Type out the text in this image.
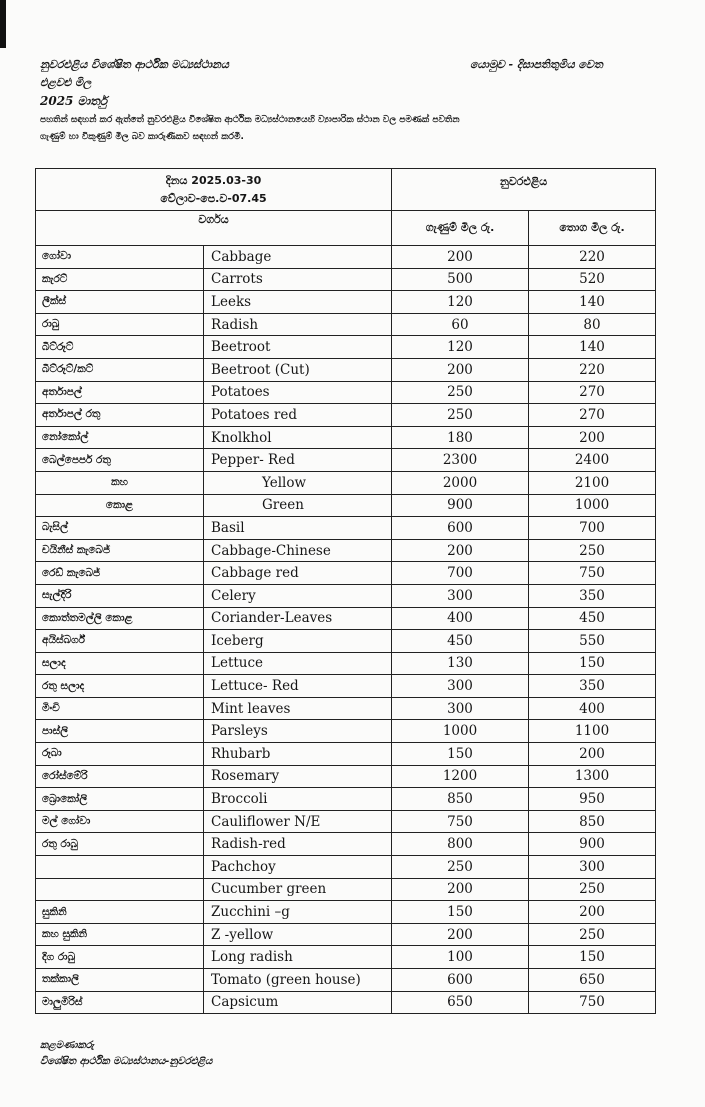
නුවරඑළිය විශේෂිත ආර්ථික මධ්‍යස්ථානය	යොමුව - දිසාපතිතුමිය වෙත
එළවළු මිල
2025 මාර්තු
පහතින් සඳහන් කර ඇත්තේ නුවරඑළිය විශේෂිත ආර්ථික මධ්‍යස්ථානයෙහි ව්‍යාපාරික ස්ථාන වල පමණක් පවතින
ගැණුම් හා විකුණුම් මිල බව කාරුණිකව සඳහන් කරමි.
දිනය 2025.03-30
වේලාව-පෙ.ව-07.45		නුවරඑළිය	
වර්ගය		ගැණුම් මිල රු.	තොග මිල රු.
ගෝවා	Cabbage	200	220
කැරට්	Carrots	500	520
ලීක්ස්	Leeks	120	140
රාබු	Radish	60	80
බීට්රූට්	Beetroot	120	140
බීට්රූට්/කට්	Beetroot (Cut)	200	220
අර්තාපල්	Potatoes	250	270
අර්තාපල් රතු	Potatoes red	250	270
නෝකෝල්	Knolkhol	180	200
බෙල්පෙපර් රතු	Pepper- Red	2300	2400
කහ	Yellow	2000	2100
කොළ	Green	900	1000
බැසිල්	Basil	600	700
චයිනීස් කැබෙජ්	Cabbage-Chinese	200	250
රෙඩ් කැබෙජ්	Cabbage red	700	750
සැල්දිරි	Celery	300	350
කොත්තමල්ලි කොළ	Coriander-Leaves	400	450
අයිස්බර්ග්	Iceberg	450	550
සලාද	Lettuce	130	150
රතු සලාද	Lettuce- Red	300	350
මිංචි	Mint leaves	300	400
පාස්ලි	Parsleys	1000	1100
රූබා	Rhubarb	150	200
රෝස්මේරි	Rosemary	1200	1300
බ්‍රොකෝලි	Broccoli	850	950
මල් ගෝවා	Cauliflower N/E	750	850
රතු රාබු	Radish-red	800	900
	Pachchoy	250	300
	Cucumber green	200	250
සුකිනි	Zucchini –g	150	200
කහ සුකිනි	Z -yellow	200	250
දිග රාබු	Long radish	100	150
තක්කාලි	Tomato (green house)	600	650
මාලුමිරිස්	Capsicum	650	750
කළමණාකරු
විශේෂිත ආර්ථික මධ්‍යස්ථානය-නුවරඑළිය
